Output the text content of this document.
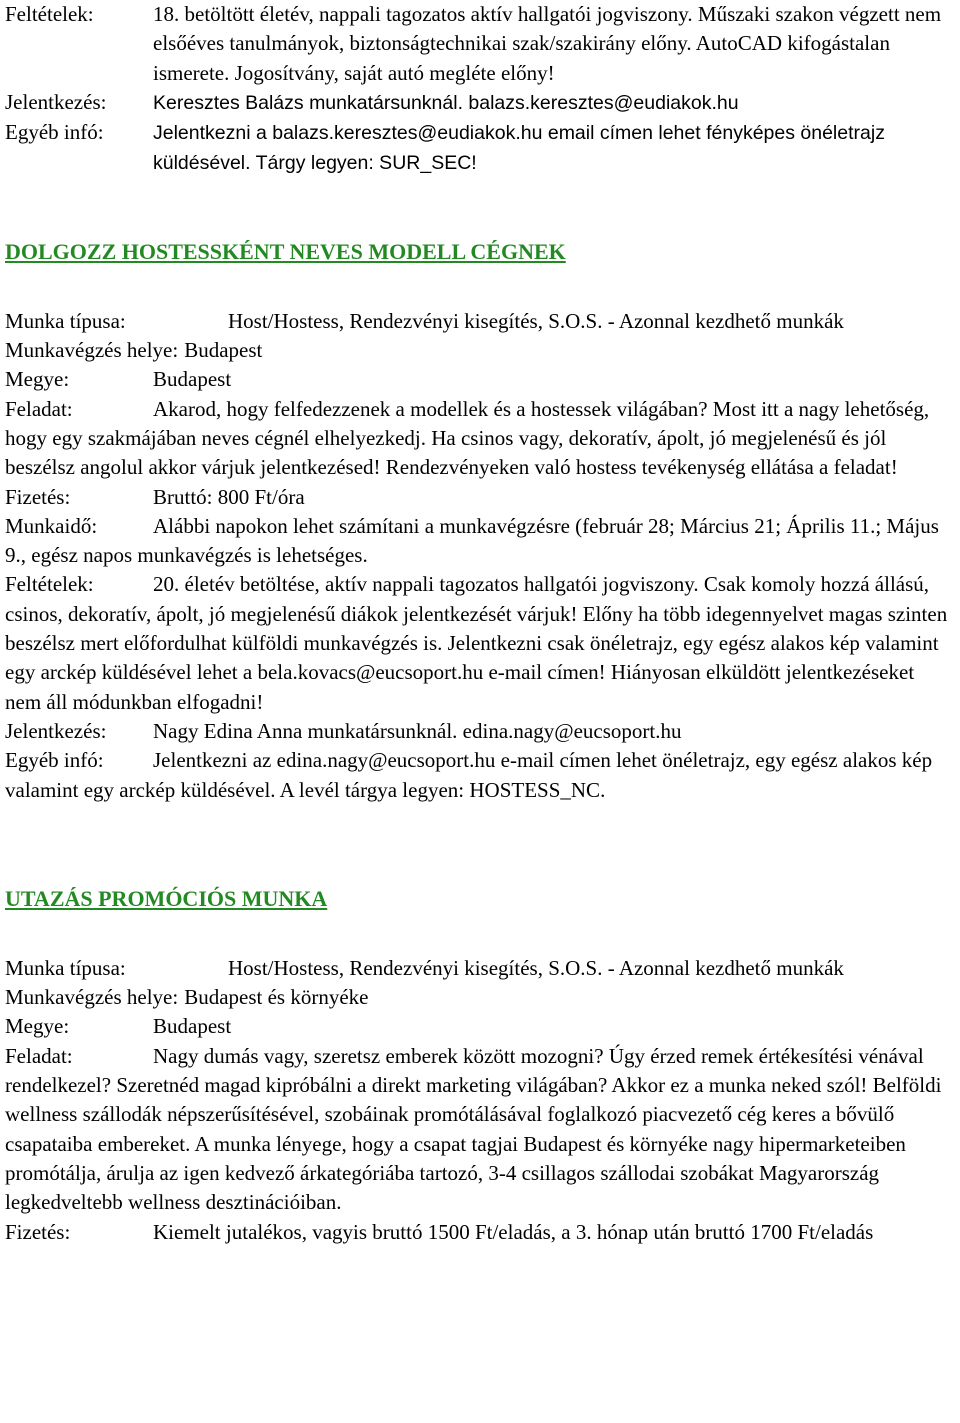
Feltételek:	18. betöltött életév, nappali tagozatos aktív hallgatói jogviszony. Műszaki szakon végzett nem elsőéves tanulmányok, biztonságtechnikai szak/szakirány előny. AutoCAD kifogástalan ismerete. Jogosítvány, saját autó megléte előny!

Jelentkezés: Keresztes Balázs munkatársunknál. balazs.keresztes@eudiakok.hu

Egyéb infó:	Jelentkezni a balazs.keresztes@eudiakok.hu email címen lehet fényképes önéletrajz küldésével. Tárgy legyen: SUR_SEC!

DOLGOZZ HOSTESSKÉNT NEVES MODELL CÉGNEK

Munka típusa:	Host/Hostess, Rendezvényi kisegítés, S.O.S. - Azonnal kezdhető munkák

Munkavégzés helye: Budapest

Megye:	Budapest

Feladat:	Akarod, hogy felfedezzenek a modellek és a hostessek világában? Most itt a nagy lehetőség, hogy egy szakmájában neves cégnél elhelyezkedj. Ha csinos vagy, dekoratív, ápolt, jó megjelenésű és jól beszélsz angolul akkor várjuk jelentkezésed! Rendezvényeken való hostess tevékenység ellátása a feladat!

Fizetés:	Bruttó: 800 Ft/óra

Munkaidő:	Alábbi napokon lehet számítani a munkavégzésre (február 28; Március 21; Április 11.; Május 9., egész napos munkavégzés is lehetséges.

Feltételek:	20. életév betöltése, aktív nappali tagozatos hallgatói jogviszony. Csak komoly hozzá állású, csinos, dekoratív, ápolt, jó megjelenésű diákok jelentkezését várjuk! Előny ha több idegennyelvet magas szinten beszélsz mert előfordulhat külföldi munkavégzés is. Jelentkezni csak önéletrajz, egy egész alakos kép valamint egy arckép küldésével lehet a bela.kovacs@eucsoport.hu e-mail címen! Hiányosan elküldött jelentkezéseket nem áll módunkban elfogadni!

Jelentkezés: Nagy Edina Anna munkatársunknál. edina.nagy@eucsoport.hu

Egyéb infó: Jelentkezni az edina.nagy@eucsoport.hu e-mail címen lehet önéletrajz, egy egész alakos kép valamint egy arckép küldésével. A levél tárgya legyen: HOSTESS_NC.

UTAZÁS PROMÓCIÓS MUNKA

Munka típusa:	Host/Hostess, Rendezvényi kisegítés, S.O.S. - Azonnal kezdhető munkák

Munkavégzés helye: Budapest és környéke

Megye:	Budapest

Feladat:	Nagy dumás vagy, szeretsz emberek között mozogni? Úgy érzed remek értékesítési vénával rendelkezel? Szeretnéd magad kipróbálni a direkt marketing világában? Akkor ez a munka neked szól! Belföldi wellness szállodák népszerűsítésével, szobáinak promótálásával foglalkozó piacvezető cég keres a bővülő csapataiba embereket. A munka lényege, hogy a csapat tagjai Budapest és környéke nagy hipermarketeiben promótálja, árulja az igen kedvező árkategóriába tartozó, 3-4 csillagos szállodai szobákat Magyarország legkedveltebb wellness desztinációiban.

Fizetés:	Kiemelt jutalékos, vagyis bruttó 1500 Ft/eladás, a 3. hónap után bruttó 1700 Ft/eladás
